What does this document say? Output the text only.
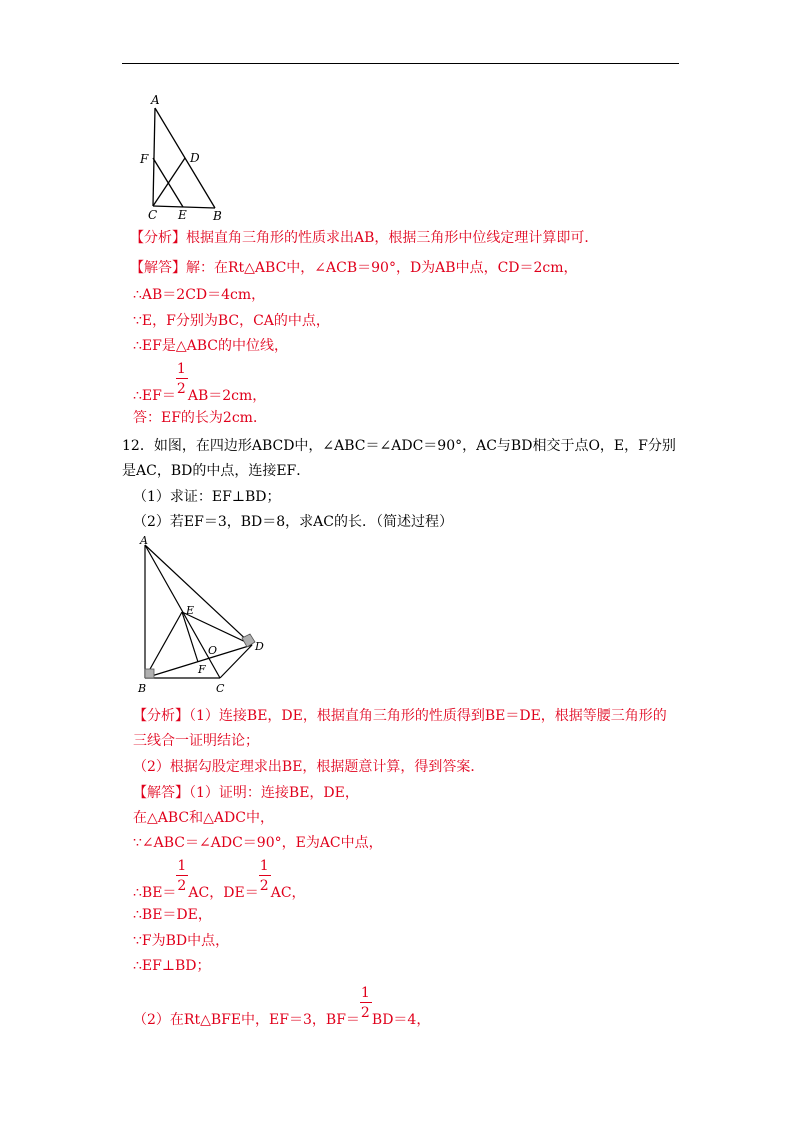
A
F	D
C E B
【分析】根据直角三角形的性质求出AB，根据三角形中位线定理计算即可．
【解答】解：在Rt△ABC中，∠ACB＝90°，D为AB中点，CD＝2cm，
∴AB＝2CD＝4cm，
∵E，F分别为BC，CA的中点，
∴EF是△ABC的中位线，
∴EF＝ $\frac{1}{2} AB=2cm$，
答：EF的长为2cm．
12．如图，在四边形ABCD中，∠ABC＝∠ADC＝90°，AC与BD相交于点O，E，F分别
是AC，BD的中点，连接EF．
（1）求证：EF⊥BD；
（2）若EF＝3，BD＝8，求AC的长．（简述过程）
A
E
O	D
F
B	C
【分析】（1）连接BE，DE，根据直角三角形的性质得到BE＝DE，根据等腰三角形的
三线合一证明结论；
（2）根据勾股定理求出BE，根据题意计算，得到答案．
【解答】（1）证明：连接BE，DE，
在△ABC和△ADC中，
∵∠ABC＝∠ADC＝90°，E为AC中点，
∴BE＝ $\frac{1}{2}$ AC，$DE= \frac{1}{2}$ AC，
∴BE＝DE，
∵F为BD中点，
∴EF⊥BD；
（2）在Rt△BFE中，EF＝3，$BF= \frac{1}{2} BD=4$，
